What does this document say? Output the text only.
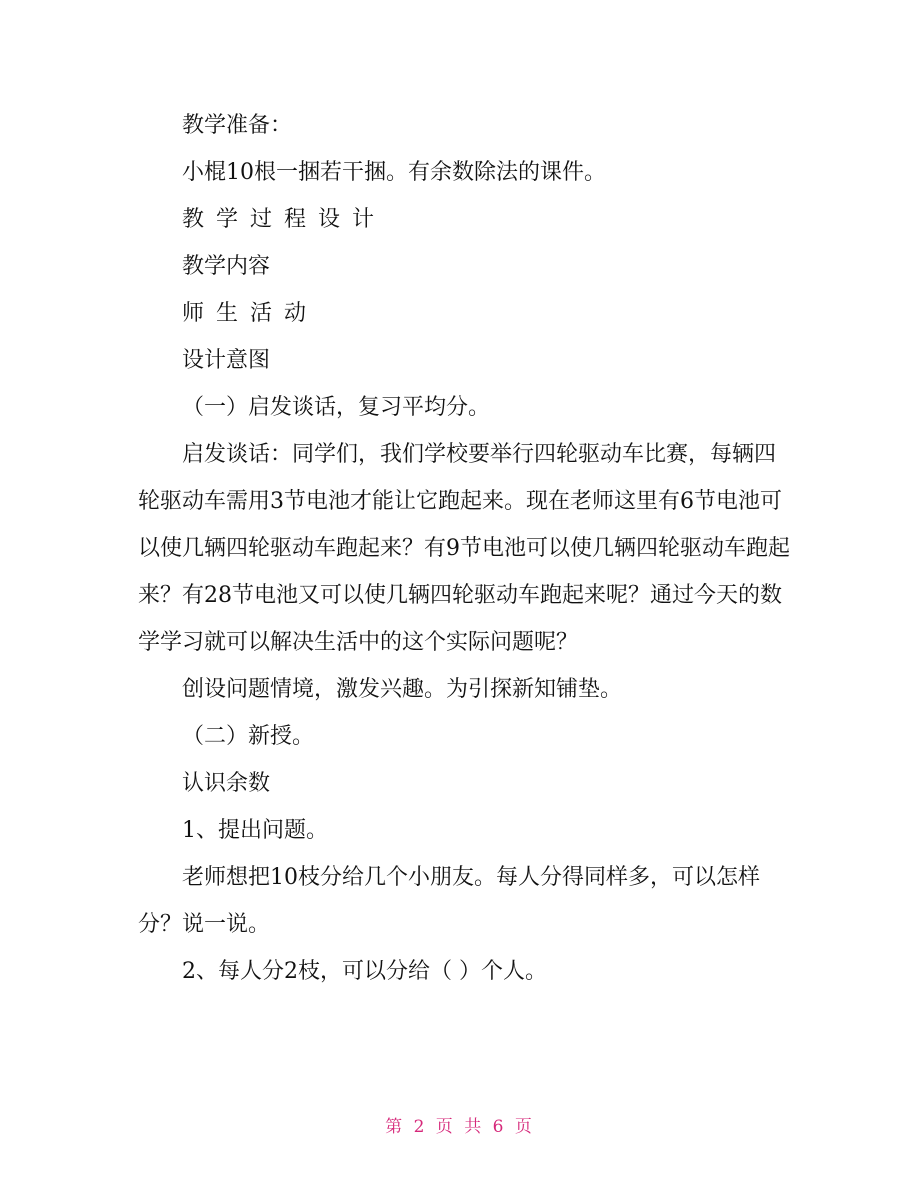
教学准备：

小棍10根一捆若干捆。有余数除法的课件。

教学过程设计

教学内容

师生活动

设计意图

（一）启发谈话，复习平均分。

启发谈话：同学们，我们学校要举行四轮驱动车比赛，每辆四轮驱动车需用3节电池才能让它跑起来。现在老师这里有6节电池可以使几辆四轮驱动车跑起来？有9节电池可以使几辆四轮驱动车跑起来？有28节电池又可以使几辆四轮驱动车跑起来呢？通过今天的数学学习就可以解决生活中的这个实际问题呢？

创设问题情境，激发兴趣。为引探新知铺垫。

（二）新授。

认识余数

1、提出问题。

老师想把10枝分给几个小朋友。每人分得同样多，可以怎样分？说一说。

2、每人分2枝，可以分给（ ）个人。

第 2 页 共 6 页
